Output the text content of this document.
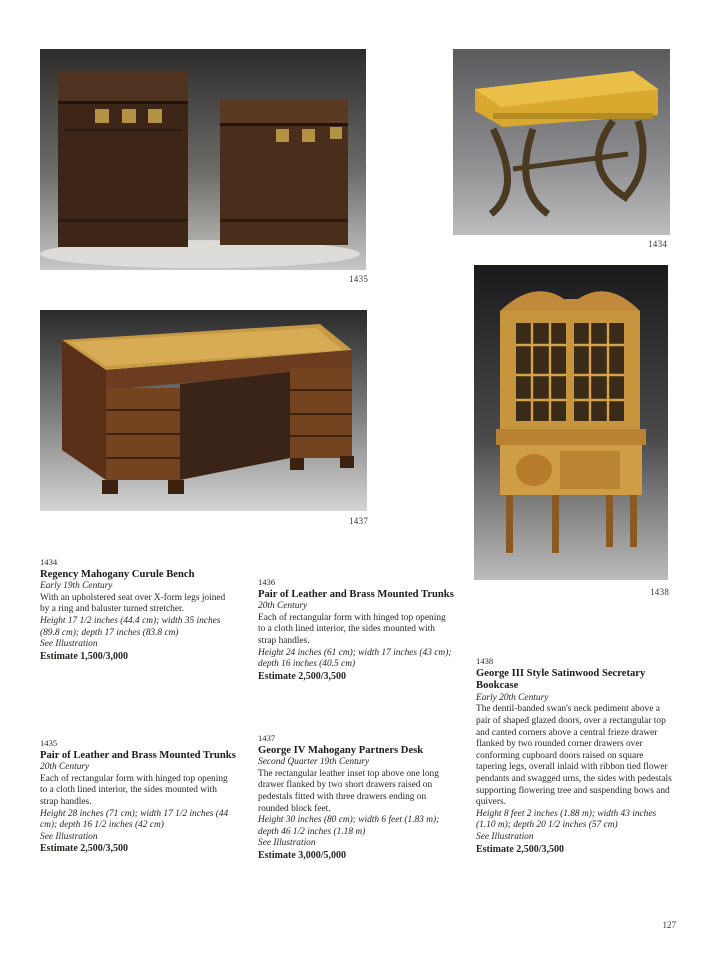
1435
1434
1437
1438
1434
Regency Mahogany Curule Bench
Early 19th Century
With an upholstered seat over X-form legs joined by a ring and baluster turned stretcher.
Height 17 1/2 inches (44.4 cm); width 35 inches (89.8 cm); depth 17 inches (83.8 cm)
See Illustration
Estimate 1,500/3,000
1435
Pair of Leather and Brass Mounted Trunks
20th Century
Each of rectangular form with hinged top opening to a cloth lined interior, the sides mounted with strap handles.
Height 28 inches (71 cm); width 17 1/2 inches (44 cm); depth 16 1/2 inches (42 cm)
See Illustration
Estimate 2,500/3,500
1436
Pair of Leather and Brass Mounted Trunks
20th Century
Each of rectangular form with hinged top opening to a cloth lined interior, the sides mounted with strap handles.
Height 24 inches (61 cm); width 17 inches (43 cm); depth 16 inches (40.5 cm)
Estimate 2,500/3,500
1437
George IV Mahogany Partners Desk
Second Quarter 19th Century
The rectangular leather inset top above one long drawer flanked by two short drawers raised on pedestals fitted with three drawers ending on rounded block feet.
Height 30 inches (80 cm); width 6 feet (1.83 m); depth 46 1/2 inches (1.18 m)
See Illustration
Estimate 3,000/5,000
1438
George III Style Satinwood Secretary Bookcase
Early 20th Century
The dentil-banded swan's neck pediment above a pair of shaped glazed doors, over a rectangular top and canted corners above a central frieze drawer flanked by two rounded corner drawers over conforming cupboard doors raised on square tapering legs, overall inlaid with ribbon tied flower pendants and swagged urns, the sides with pedestals supporting flowering tree and suspending bows and quivers.
Height 8 feet 2 inches (1.88 m); width 43 inches (1.10 m); depth 20 1/2 inches (57 cm)
See Illustration
Estimate 2,500/3,500
127
